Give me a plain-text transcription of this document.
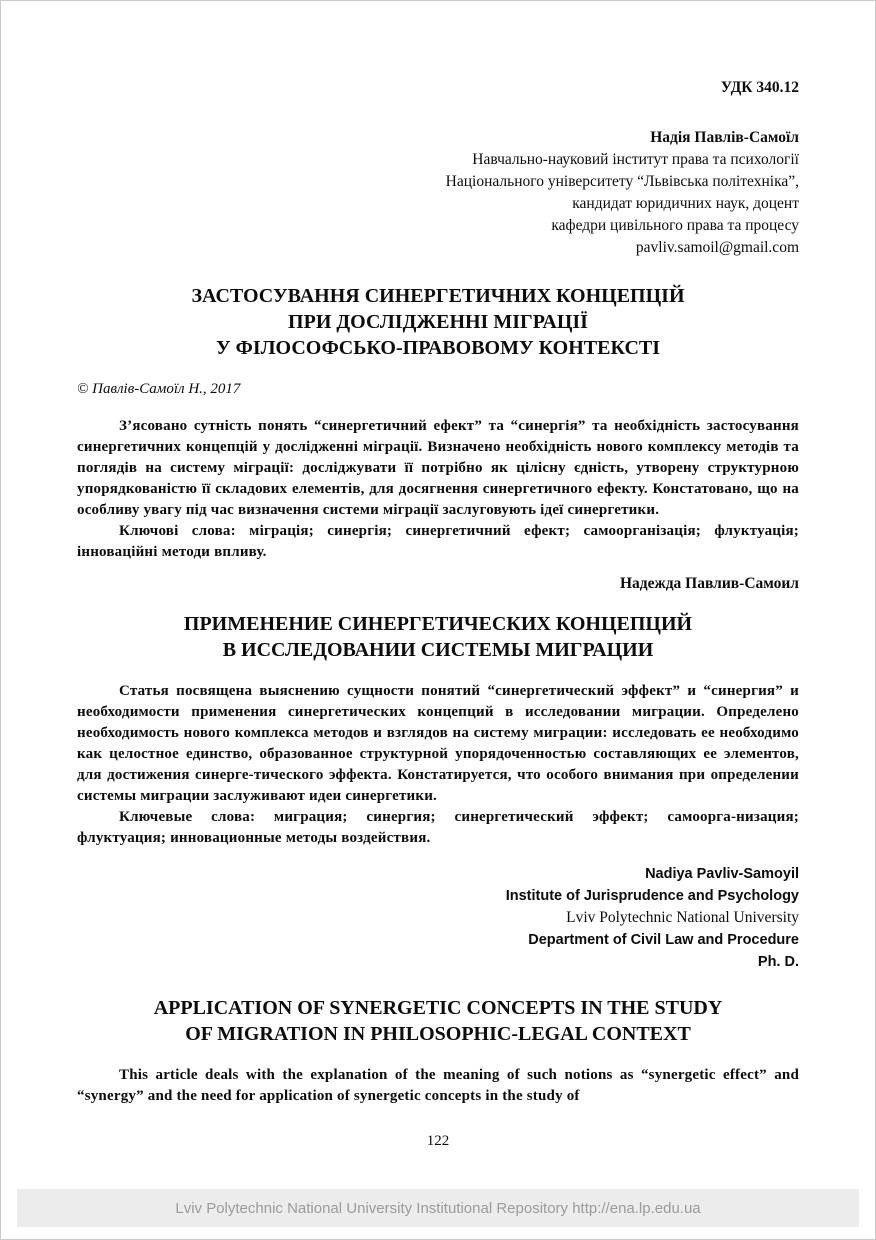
УДК 340.12
Надія Павлів-Самоїл
Навчально-науковий інститут права та психології
Національного університету “Львівська політехніка”,
кандидат юридичних наук, доцент
кафедри цивільного права та процесу
pavliv.samoil@gmail.com
ЗАСТОСУВАННЯ СИНЕРГЕТИЧНИХ КОНЦЕПЦІЙ
ПРИ ДОСЛІДЖЕННІ МІГРАЦІЇ
У ФІЛОСОФСЬКО-ПРАВОВОМУ КОНТЕКСТІ
© Павлів-Самоїл Н., 2017

З’ясовано сутність понять “синергетичний ефект” та “синергія” та необхідність застосування синергетичних концепцій у дослідженні міграції. Визначено необхідність нового комплексу методів та поглядів на систему міграції: досліджувати її потрібно як цілісну єдність, утворену структурною упорядкованістю її складових елементів, для досягнення синергетичного ефекту. Констатовано, що на особливу увагу під час визначення системи міграції заслуговують ідеї синергетики.

Ключові слова: міграція; синергія; синергетичний ефект; самоорганізація; флуктуація; інноваційні методи впливу.

Надежда Павлив-Самоил
ПРИМЕНЕНИЕ СИНЕРГЕТИЧЕСКИХ КОНЦЕПЦИЙ
В ИССЛЕДОВАНИИ СИСТЕМЫ МИГРАЦИИ

Статья посвящена выяснению сущности понятий “синергетический эффект” и “синергия” и необходимости применения синергетических концепций в исследовании миграции. Определено необходимость нового комплекса методов и взглядов на систему миграции: исследовать ее необходимо как целостное единство, образованное структурной упорядоченностью составляющих ее элементов, для достижения синерге-тического эффекта. Констатируется, что особого внимания при определении системы миграции заслуживают идеи синергетики.

Ключевые слова: миграция; синергия; синергетический эффект; самоорга-низация; флуктуация; инновационные методы воздействия.

Nadiya Pavliv-Samoyil
Institute of Jurisprudence and Psychology
Lviv Polytechnic National University
Department of Civil Law and Procedure
Ph. D.
APPLICATION OF SYNERGETIC CONCEPTS IN THE STUDY
OF MIGRATION IN PHILOSOPHIC-LEGAL CONTEXT

This article deals with the explanation of the meaning of such notions as “synergetic effect” and “synergy” and the need for application of synergetic concepts in the study of

122
Lviv Polytechnic National University Institutional Repository http://ena.lp.edu.ua
